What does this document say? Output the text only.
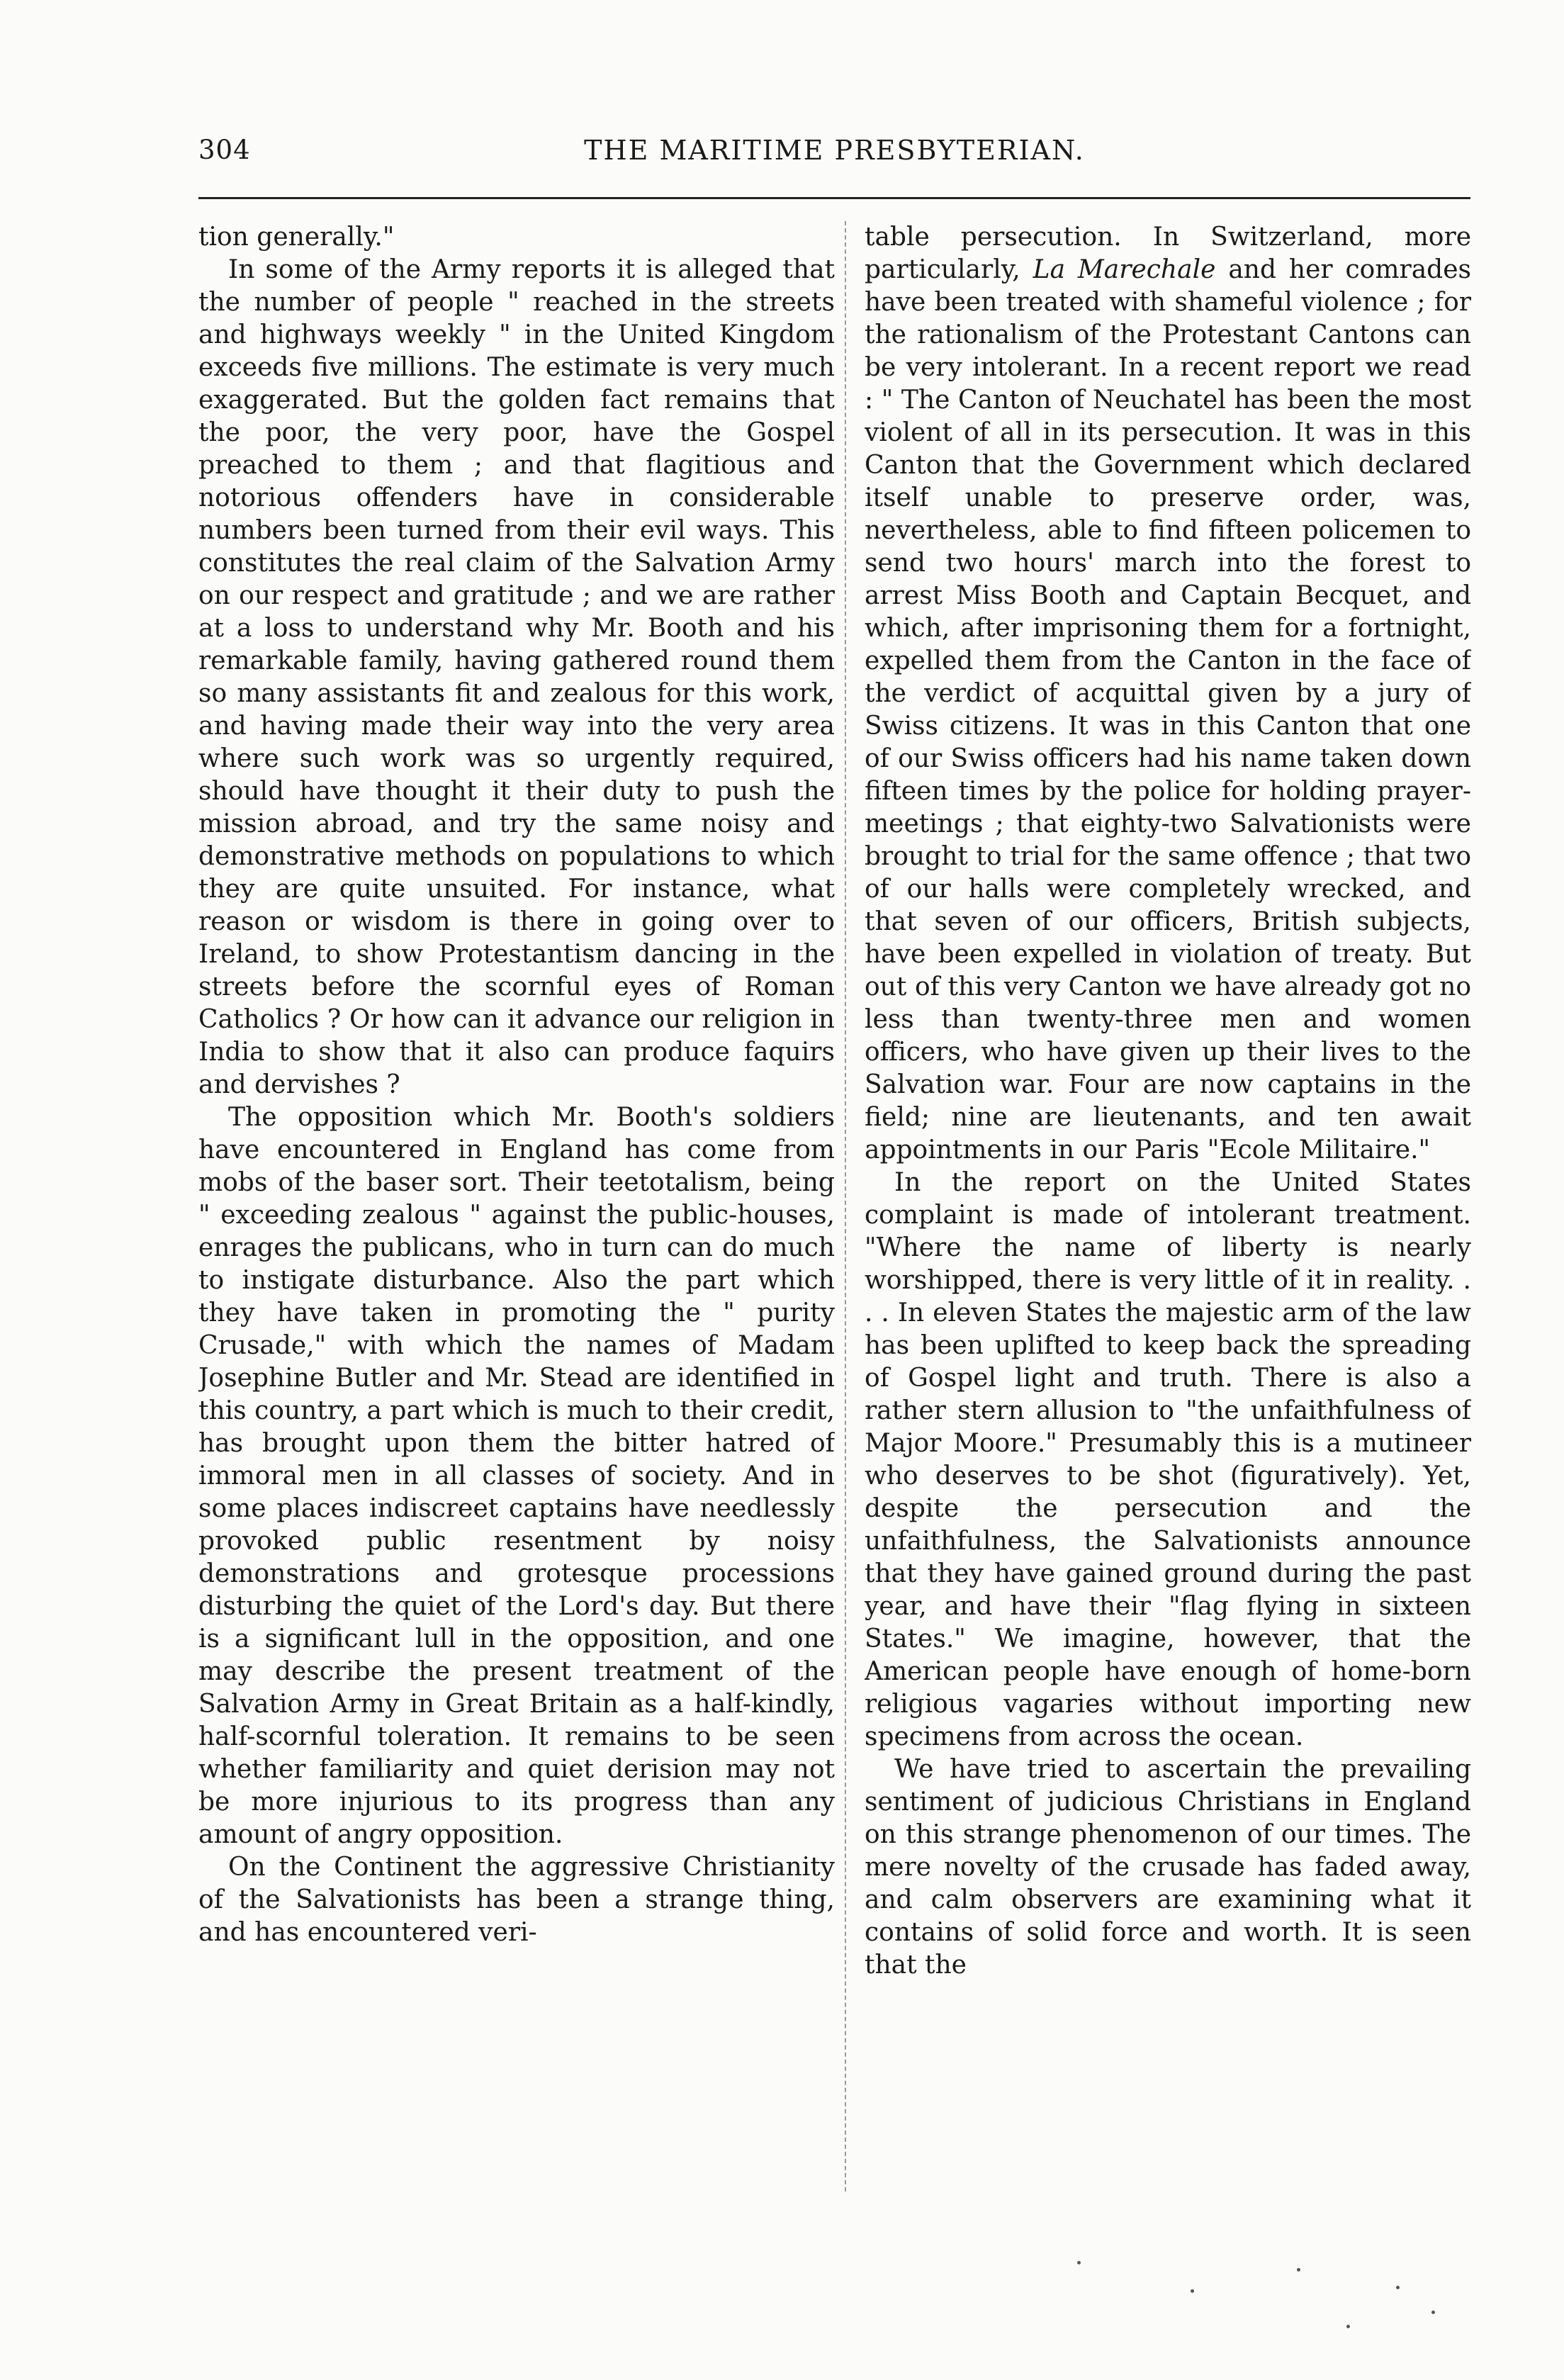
304	THE MARITIME PRESBYTERIAN.

tion generally."

In some of the Army reports it is alleged that the number of people " reached in the streets and highways weekly " in the United Kingdom exceeds five millions. The estimate is very much exaggerated. But the golden fact remains that the poor, the very poor, have the Gospel preached to them ; and that flagitious and notorious offenders have in considerable numbers been turned from their evil ways. This constitutes the real claim of the Salvation Army on our respect and gratitude ; and we are rather at a loss to understand why Mr. Booth and his remarkable family, having gathered round them so many assistants fit and zealous for this work, and having made their way into the very area where such work was so urgently required, should have thought it their duty to push the mission abroad, and try the same noisy and demonstrative methods on populations to which they are quite unsuited. For instance, what reason or wisdom is there in going over to Ireland, to show Protestantism dancing in the streets before the scornful eyes of Roman Catholics ? Or how can it advance our religion in India to show that it also can produce faquirs and dervishes ?

The opposition which Mr. Booth's soldiers have encountered in England has come from mobs of the baser sort. Their teetotalism, being " exceeding zealous " against the public-houses, enrages the publicans, who in turn can do much to instigate disturbance. Also the part which they have taken in promoting the " purity Crusade," with which the names of Madam Josephine Butler and Mr. Stead are identified in this country, a part which is much to their credit, has brought upon them the bitter hatred of immoral men in all classes of society. And in some places indiscreet captains have needlessly provoked public resentment by noisy demonstrations and grotesque processions disturbing the quiet of the Lord's day. But there is a significant lull in the opposition, and one may describe the present treatment of the Salvation Army in Great Britain as a half-kindly, half-scornful toleration. It remains to be seen whether familiarity and quiet derision may not be more injurious to its progress than any amount of angry opposition.

On the Continent the aggressive Christianity of the Salvationists has been a strange thing, and has encountered veri-

table persecution. In Switzerland, more particularly, La Marechale and her comrades have been treated with shameful violence ; for the rationalism of the Protestant Cantons can be very intolerant. In a recent report we read : " The Canton of Neuchatel has been the most violent of all in its persecution. It was in this Canton that the Government which declared itself unable to preserve order, was, nevertheless, able to find fifteen policemen to send two hours' march into the forest to arrest Miss Booth and Captain Becquet, and which, after imprisoning them for a fortnight, expelled them from the Canton in the face of the verdict of acquittal given by a jury of Swiss citizens. It was in this Canton that one of our Swiss officers had his name taken down fifteen times by the police for holding prayer-meetings ; that eighty-two Salvationists were brought to trial for the same offence ; that two of our halls were completely wrecked, and that seven of our officers, British subjects, have been expelled in violation of treaty. But out of this very Canton we have already got no less than twenty-three men and women officers, who have given up their lives to the Salvation war. Four are now captains in the field; nine are lieutenants, and ten await appointments in our Paris "Ecole Militaire."

In the report on the United States complaint is made of intolerant treatment. "Where the name of liberty is nearly worshipped, there is very little of it in reality. . . . In eleven States the majestic arm of the law has been uplifted to keep back the spreading of Gospel light and truth. There is also a rather stern allusion to "the unfaithfulness of Major Moore." Presumably this is a mutineer who deserves to be shot (figuratively). Yet, despite the persecution and the unfaithfulness, the Salvationists announce that they have gained ground during the past year, and have their "flag flying in sixteen States." We imagine, however, that the American people have enough of home-born religious vagaries without importing new specimens from across the ocean.

We have tried to ascertain the prevailing sentiment of judicious Christians in England on this strange phenomenon of our times. The mere novelty of the crusade has faded away, and calm observers are examining what it contains of solid force and worth. It is seen that the
